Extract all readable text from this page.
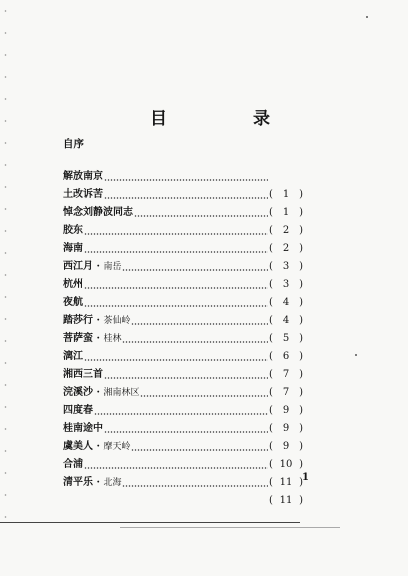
目	录
自序
解放南京
( 1 )
土改诉苦
( 1 )
悼念刘静波同志
( 2 )
胶东
( 2 )
海南
( 3 )
西江月 · 南岳
( 3 )
杭州
( 4 )
夜航
( 4 )
踏莎行 · 茶仙岭
( 5 )
菩萨蛮 · 桂林
( 6 )
漓江
( 7 )
湘西三首
( 7 )
浣溪沙 · 湘南林区
( 9 )
四度春
( 9 )
桂南途中
( 9 )
虞美人 · 摩天岭
( 10 )
合浦
( 11 )
清平乐 · 北海
( 11 )
1
